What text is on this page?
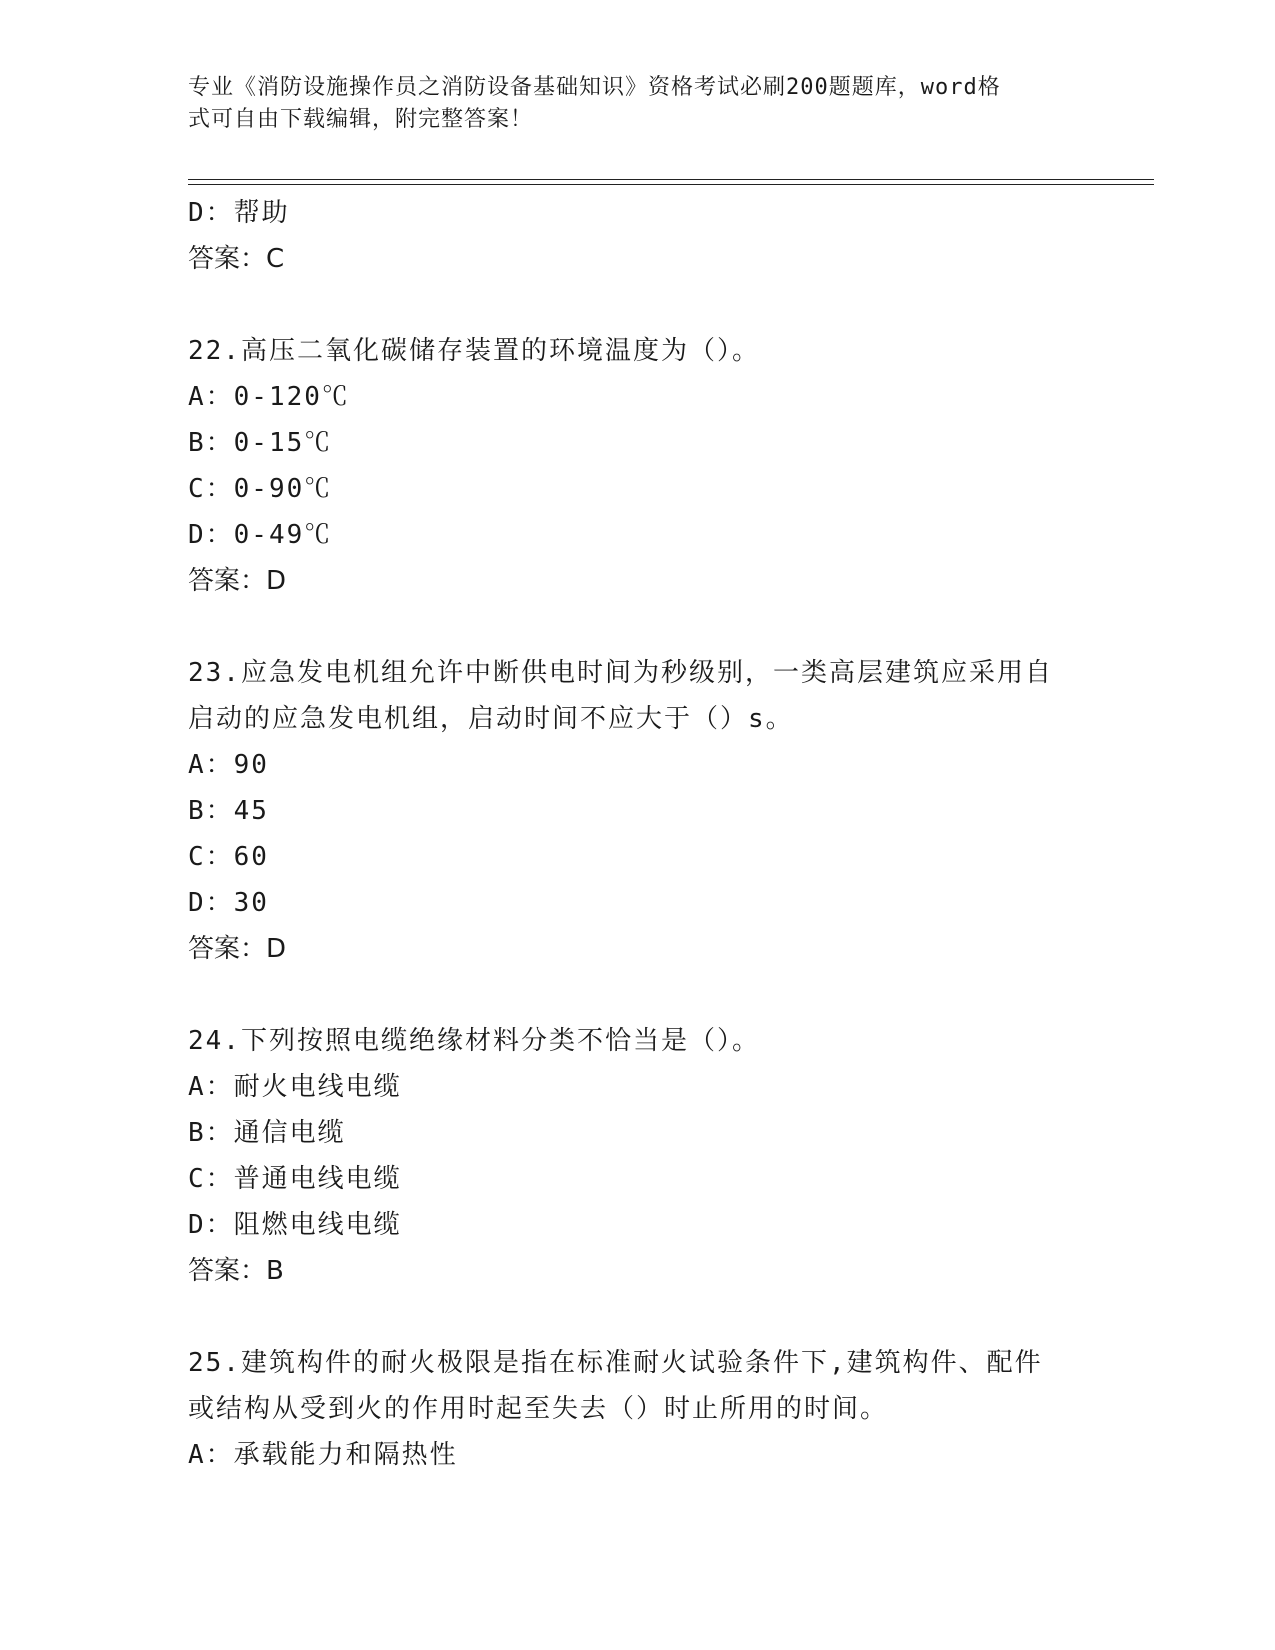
专业《消防设施操作员之消防设备基础知识》资格考试必刷200题题库，word格
式可自由下载编辑，附完整答案！
D：帮助
答案：C
22.高压二氧化碳储存装置的环境温度为（）。
A：0-120℃
B：0-15℃
C：0-90℃
D：0-49℃
答案：D
23.应急发电机组允许中断供电时间为秒级别，一类高层建筑应采用自
启动的应急发电机组，启动时间不应大于（）s。
A：90
B：45
C：60
D：30
答案：D
24.下列按照电缆绝缘材料分类不恰当是（）。
A：耐火电线电缆
B：通信电缆
C：普通电线电缆
D：阻燃电线电缆
答案：B
25.建筑构件的耐火极限是指在标准耐火试验条件下,建筑构件、配件
或结构从受到火的作用时起至失去（）时止所用的时间。
A：承载能力和隔热性
